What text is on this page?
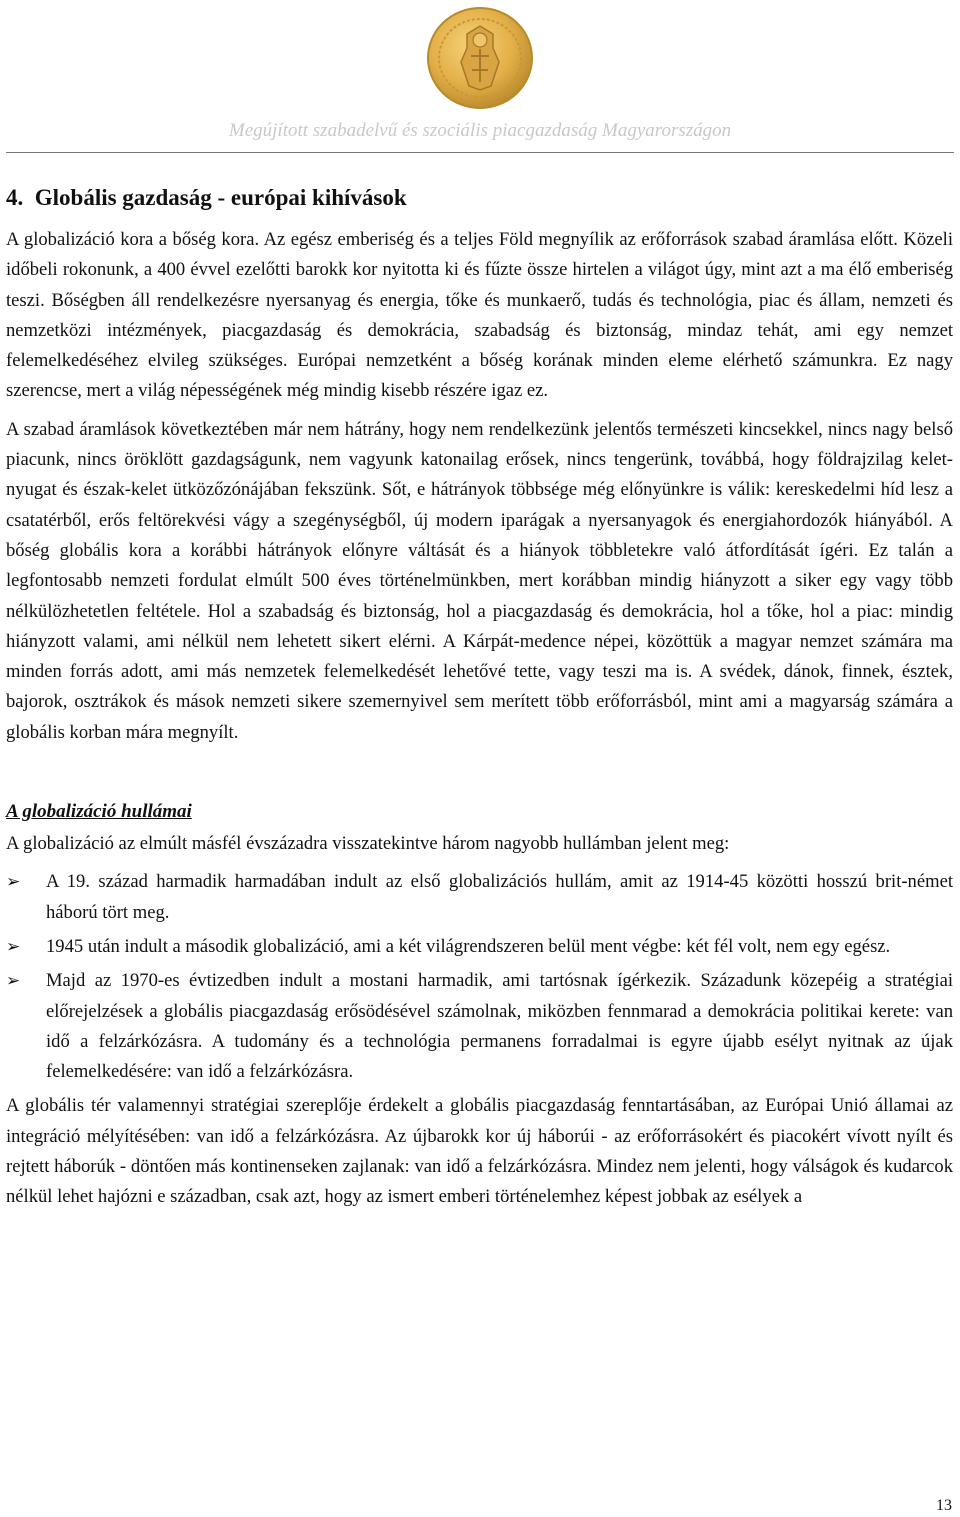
Megújított szabadelvű és szociális piacgazdaság Magyarországon
4.  Globális gazdaság - európai kihívások

A globalizáció kora a bőség kora. Az egész emberiség és a teljes Föld megnyílik az erőforrások szabad áramlása előtt. Közeli időbeli rokonunk, a 400 évvel ezelőtti barokk kor nyitotta ki és fűzte össze hirtelen a világot úgy, mint azt a ma élő emberiség teszi. Bőségben áll rendelkezésre nyersanyag és energia, tőke és munkaerő, tudás és technológia, piac és állam, nemzeti és nemzetközi intézmények, piacgazdaság és demokrácia, szabadság és biztonság, mindaz tehát, ami egy nemzet felemelkedéséhez elvileg szükséges. Európai nemzetként a bőség korának minden eleme elérhető számunkra. Ez nagy szerencse, mert a világ népességének még mindig kisebb részére igaz ez.

A szabad áramlások következtében már nem hátrány, hogy nem rendelkezünk jelentős természeti kincsekkel, nincs nagy belső piacunk, nincs öröklött gazdagságunk, nem vagyunk katonailag erősek, nincs tengerünk, továbbá, hogy földrajzilag kelet-nyugat és észak-kelet ütközőzónájában fekszünk. Sőt, e hátrányok többsége még előnyünkre is válik: kereskedelmi híd lesz a csatatérből, erős feltörekvési vágy a szegénységből, új modern iparágak a nyersanyagok és energiahordozók hiányából. A bőség globális kora a korábbi hátrányok előnyre váltását és a hiányok többletekre való átfordítását ígéri. Ez talán a legfontosabb nemzeti fordulat elmúlt 500 éves történelmünkben, mert korábban mindig hiányzott a siker egy vagy több nélkülözhetetlen feltétele. Hol a szabadság és biztonság, hol a piacgazdaság és demokrácia, hol a tőke, hol a piac: mindig hiányzott valami, ami nélkül nem lehetett sikert elérni. A Kárpát-medence népei, közöttük a magyar nemzet számára ma minden forrás adott, ami más nemzetek felemelkedését lehetővé tette, vagy teszi ma is. A svédek, dánok, finnek, észtek, bajorok, osztrákok és mások nemzeti sikere szemernyivel sem merített több erőforrásból, mint ami a magyarság számára a globális korban mára megnyílt.

A globalizáció hullámai

A globalizáció az elmúlt másfél évszázadra visszatekintve három nagyobb hullámban jelent meg:

➢ A 19. század harmadik harmadában indult az első globalizációs hullám, amit az 1914-45 közötti hosszú brit-német háború tört meg.
➢ 1945 után indult a második globalizáció, ami a két világrendszeren belül ment végbe: két fél volt, nem egy egész.
➢ Majd az 1970-es évtizedben indult a mostani harmadik, ami tartósnak ígérkezik. Századunk közepéig a stratégiai előrejelzések a globális piacgazdaság erősödésével számolnak, miközben fennmarad a demokrácia politikai kerete: van idő a felzárkózásra. A tudomány és a technológia permanens forradalmai is egyre újabb esélyt nyitnak az újak felemelkedésére: van idő a felzárkózásra.

A globális tér valamennyi stratégiai szereplője érdekelt a globális piacgazdaság fenntartásában, az Európai Unió államai az integráció mélyítésében: van idő a felzárkózásra. Az újbarokk kor új háborúi - az erőforrásokért és piacokért vívott nyílt és rejtett háborúk - döntően más kontinenseken zajlanak: van idő a felzárkózásra. Mindez nem jelenti, hogy válságok és kudarcok nélkül lehet hajózni e században, csak azt, hogy az ismert emberi történelemhez képest jobbak az esélyek a

13
